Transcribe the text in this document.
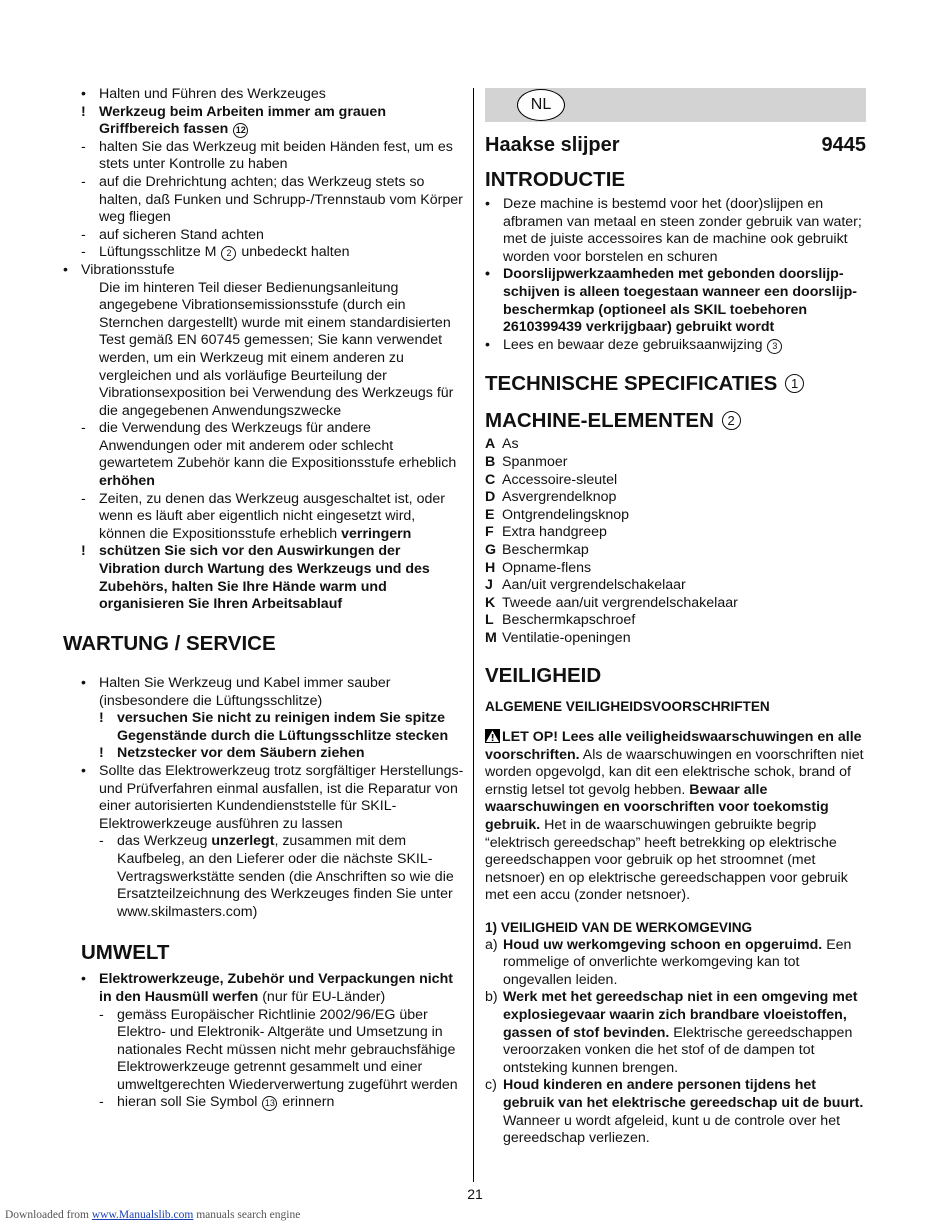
• Halten und Führen des Werkzeuges
! Werkzeug beim Arbeiten immer am grauen Griffbereich fassen 12
- halten Sie das Werkzeug mit beiden Händen fest, um es stets unter Kontrolle zu haben
- auf die Drehrichtung achten; das Werkzeug stets so halten, daß Funken und Schrupp-/Trennstaub vom Körper weg fliegen
- auf sicheren Stand achten
- Lüftungsschlitze M 2 unbedeckt halten
• Vibrationsstufe
Die im hinteren Teil dieser Bedienungsanleitung angegebene Vibrationsemissionsstufe (durch ein Sternchen dargestellt) wurde mit einem standardisierten Test gemäß EN 60745 gemessen; Sie kann verwendet werden, um ein Werkzeug mit einem anderen zu vergleichen und als vorläufige Beurteilung der Vibrationsexposition bei Verwendung des Werkzeugs für die angegebenen Anwendungszwecke
- die Verwendung des Werkzeugs für andere Anwendungen oder mit anderem oder schlecht gewartetem Zubehör kann die Expositionsstufe erheblich erhöhen
- Zeiten, zu denen das Werkzeug ausgeschaltet ist, oder wenn es läuft aber eigentlich nicht eingesetzt wird, können die Expositionsstufe erheblich verringern
! schützen Sie sich vor den Auswirkungen der Vibration durch Wartung des Werkzeugs und des Zubehörs, halten Sie Ihre Hände warm und organisieren Sie Ihren Arbeitsablauf
WARTUNG / SERVICE
• Halten Sie Werkzeug und Kabel immer sauber (insbesondere die Lüftungsschlitze)
! versuchen Sie nicht zu reinigen indem Sie spitze Gegenstände durch die Lüftungsschlitze stecken
! Netzstecker vor dem Säubern ziehen
• Sollte das Elektrowerkzeug trotz sorgfältiger Herstellungs- und Prüfverfahren einmal ausfallen, ist die Reparatur von einer autorisierten Kundendienststelle für SKIL-Elektrowerkzeuge ausführen zu lassen
- das Werkzeug unzerlegt, zusammen mit dem Kaufbeleg, an den Lieferer oder die nächste SKIL-Vertragswerkstätte senden (die Anschriften so wie die Ersatzteilzeichnung des Werkzeuges finden Sie unter www.skilmasters.com)
UMWELT
• Elektrowerkzeuge, Zubehör und Verpackungen nicht in den Hausmüll werfen (nur für EU-Länder)
- gemäss Europäischer Richtlinie 2002/96/EG über Elektro- und Elektronik- Altgeräte und Umsetzung in nationales Recht müssen nicht mehr gebrauchsfähige Elektrowerkzeuge getrennt gesammelt und einer umweltgerechten Wiederverwertung zugeführt werden
- hieran soll Sie Symbol 13 erinnern
NL
Haakse slijper	9445
INTRODUCTIE
• Deze machine is bestemd voor het (door)slijpen en afbramen van metaal en steen zonder gebruik van water; met de juiste accessoires kan de machine ook gebruikt worden voor borstelen en schuren
• Doorslijpwerkzaamheden met gebonden doorslijp-schijven is alleen toegestaan wanneer een doorslijp-beschermkap (optioneel als SKIL toebehoren 2610399439 verkrijgbaar) gebruikt wordt
• Lees en bewaar deze gebruiksaanwijzing 3
TECHNISCHE SPECIFICATIES 1
MACHINE-ELEMENTEN 2
A As
B Spanmoer
C Accessoire-sleutel
D Asvergrendelknop
E Ontgrendelingsknop
F Extra handgreep
G Beschermkap
H Opname-flens
J Aan/uit vergrendelschakelaar
K Tweede aan/uit vergrendelschakelaar
L Beschermkapschroef
M Ventilatie-openingen
VEILIGHEID
ALGEMENE VEILIGHEIDSVOORSCHRIFTEN
LET OP! Lees alle veiligheidswaarschuwingen en alle voorschriften. Als de waarschuwingen en voorschriften niet worden opgevolgd, kan dit een elektrische schok, brand of ernstig letsel tot gevolg hebben. Bewaar alle waarschuwingen en voorschriften voor toekomstig gebruik. Het in de waarschuwingen gebruikte begrip “elektrisch gereedschap” heeft betrekking op elektrische gereedschappen voor gebruik op het stroomnet (met netsnoer) en op elektrische gereedschappen voor gebruik met een accu (zonder netsnoer).
1) VEILIGHEID VAN DE WERKOMGEVING
a) Houd uw werkomgeving schoon en opgeruimd. Een rommelige of onverlichte werkomgeving kan tot ongevallen leiden.
b) Werk met het gereedschap niet in een omgeving met explosiegevaar waarin zich brandbare vloeistoffen, gassen of stof bevinden. Elektrische gereedschappen veroorzaken vonken die het stof of de dampen tot ontsteking kunnen brengen.
c) Houd kinderen en andere personen tijdens het gebruik van het elektrische gereedschap uit de buurt. Wanneer u wordt afgeleid, kunt u de controle over het gereedschap verliezen.
21
Downloaded from www.Manualslib.com manuals search engine
